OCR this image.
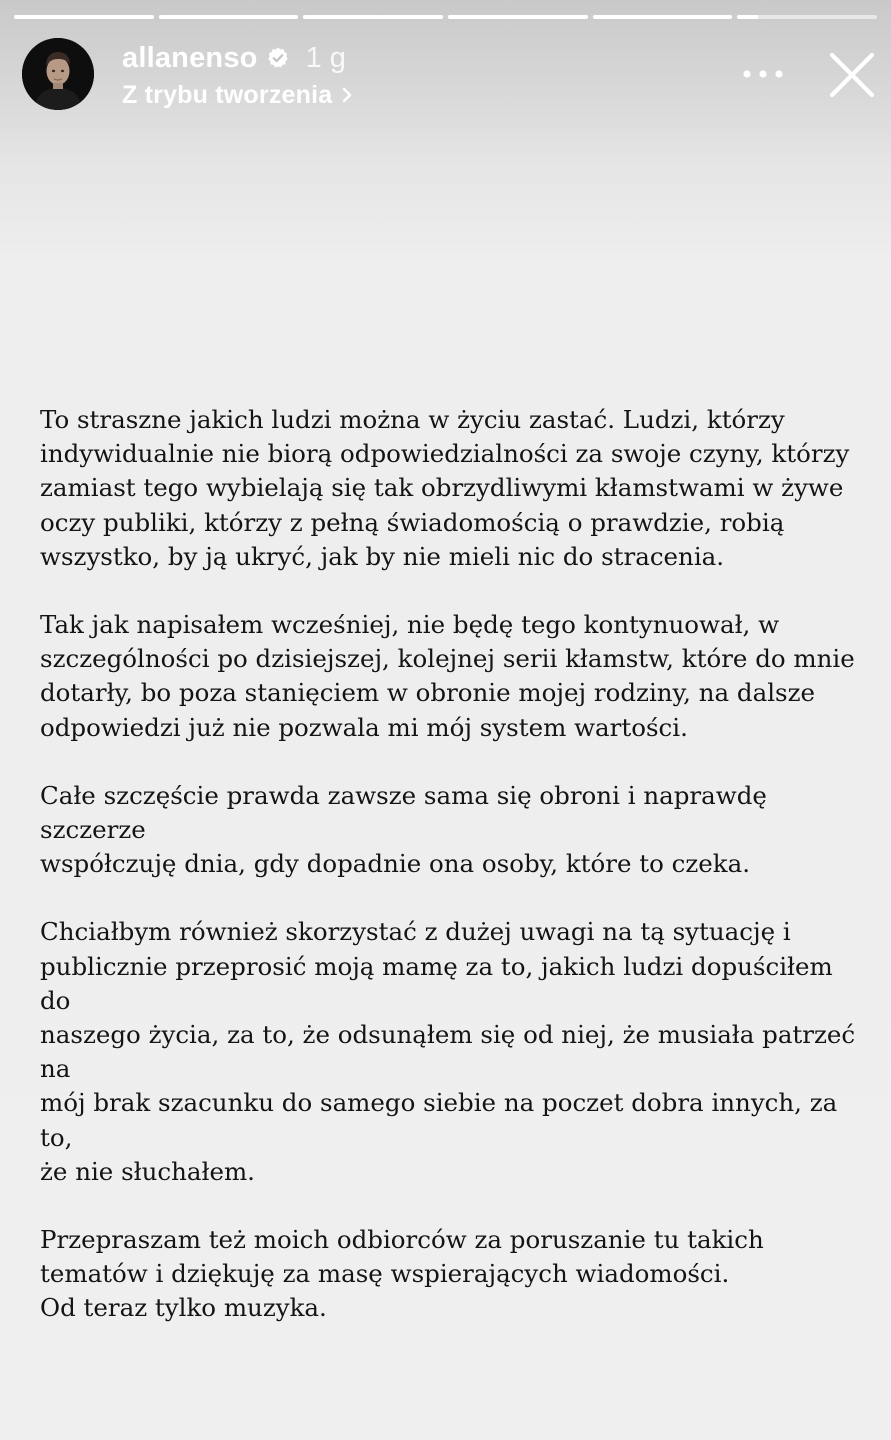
allanenso 1 g
Z trybu tworzenia

To straszne jakich ludzi można w życiu zastać. Ludzi, którzy
indywidualnie nie biorą odpowiedzialności za swoje czyny, którzy
zamiast tego wybielają się tak obrzydliwymi kłamstwami w żywe
oczy publiki, którzy z pełną świadomością o prawdzie, robią
wszystko, by ją ukryć, jak by nie mieli nic do stracenia.

Tak jak napisałem wcześniej, nie będę tego kontynuował, w
szczególności po dzisiejszej, kolejnej serii kłamstw, które do mnie
dotarły, bo poza stanięciem w obronie mojej rodziny, na dalsze
odpowiedzi już nie pozwala mi mój system wartości.

Całe szczęście prawda zawsze sama się obroni i naprawdę szczerze
współczuję dnia, gdy dopadnie ona osoby, które to czeka.

Chciałbym również skorzystać z dużej uwagi na tą sytuację i
publicznie przeprosić moją mamę za to, jakich ludzi dopuściłem do
naszego życia, za to, że odsunąłem się od niej, że musiała patrzeć na
mój brak szacunku do samego siebie na poczet dobra innych, za to,
że nie słuchałem.

Przepraszam też moich odbiorców za poruszanie tu takich
tematów i dziękuję za masę wspierających wiadomości.
Od teraz tylko muzyka.
